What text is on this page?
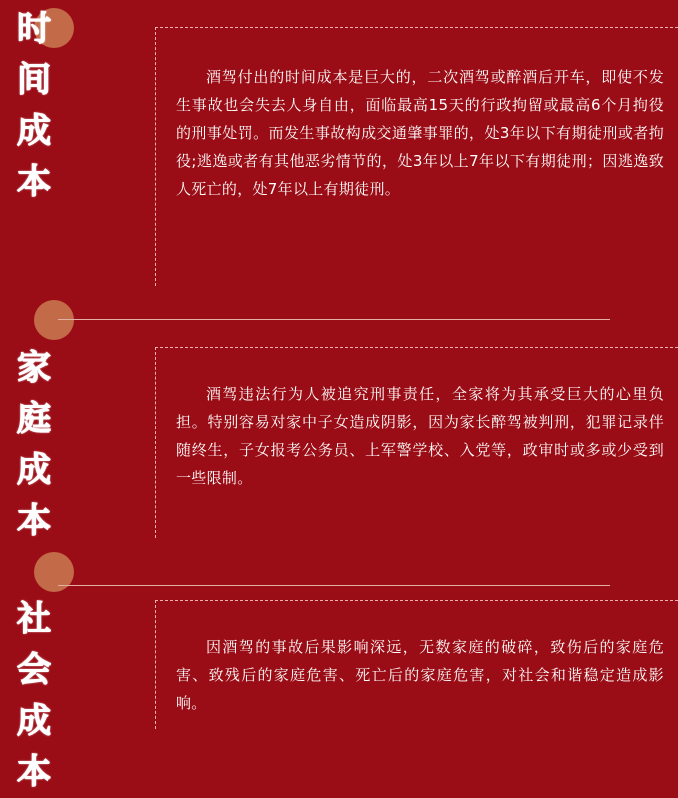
时
间
成
本
酒驾付出的时间成本是巨大的，二次酒驾或醉酒后开车，即使不发生事故也会失去人身自由，面临最高15天的行政拘留或最高6个月拘役的刑事处罚。而发生事故构成交通肇事罪的，处3年以下有期徒刑或者拘役;逃逸或者有其他恶劣情节的，处3年以上7年以下有期徒刑；因逃逸致人死亡的，处7年以上有期徒刑。
家
庭
成
本
酒驾违法行为人被追究刑事责任，全家将为其承受巨大的心里负担。特别容易对家中子女造成阴影，因为家长醉驾被判刑，犯罪记录伴随终生，子女报考公务员、上军警学校、入党等，政审时或多或少受到一些限制。
社
会
成
本
因酒驾的事故后果影响深远，无数家庭的破碎，致伤后的家庭危害、致残后的家庭危害、死亡后的家庭危害，对社会和谐稳定造成影响。
